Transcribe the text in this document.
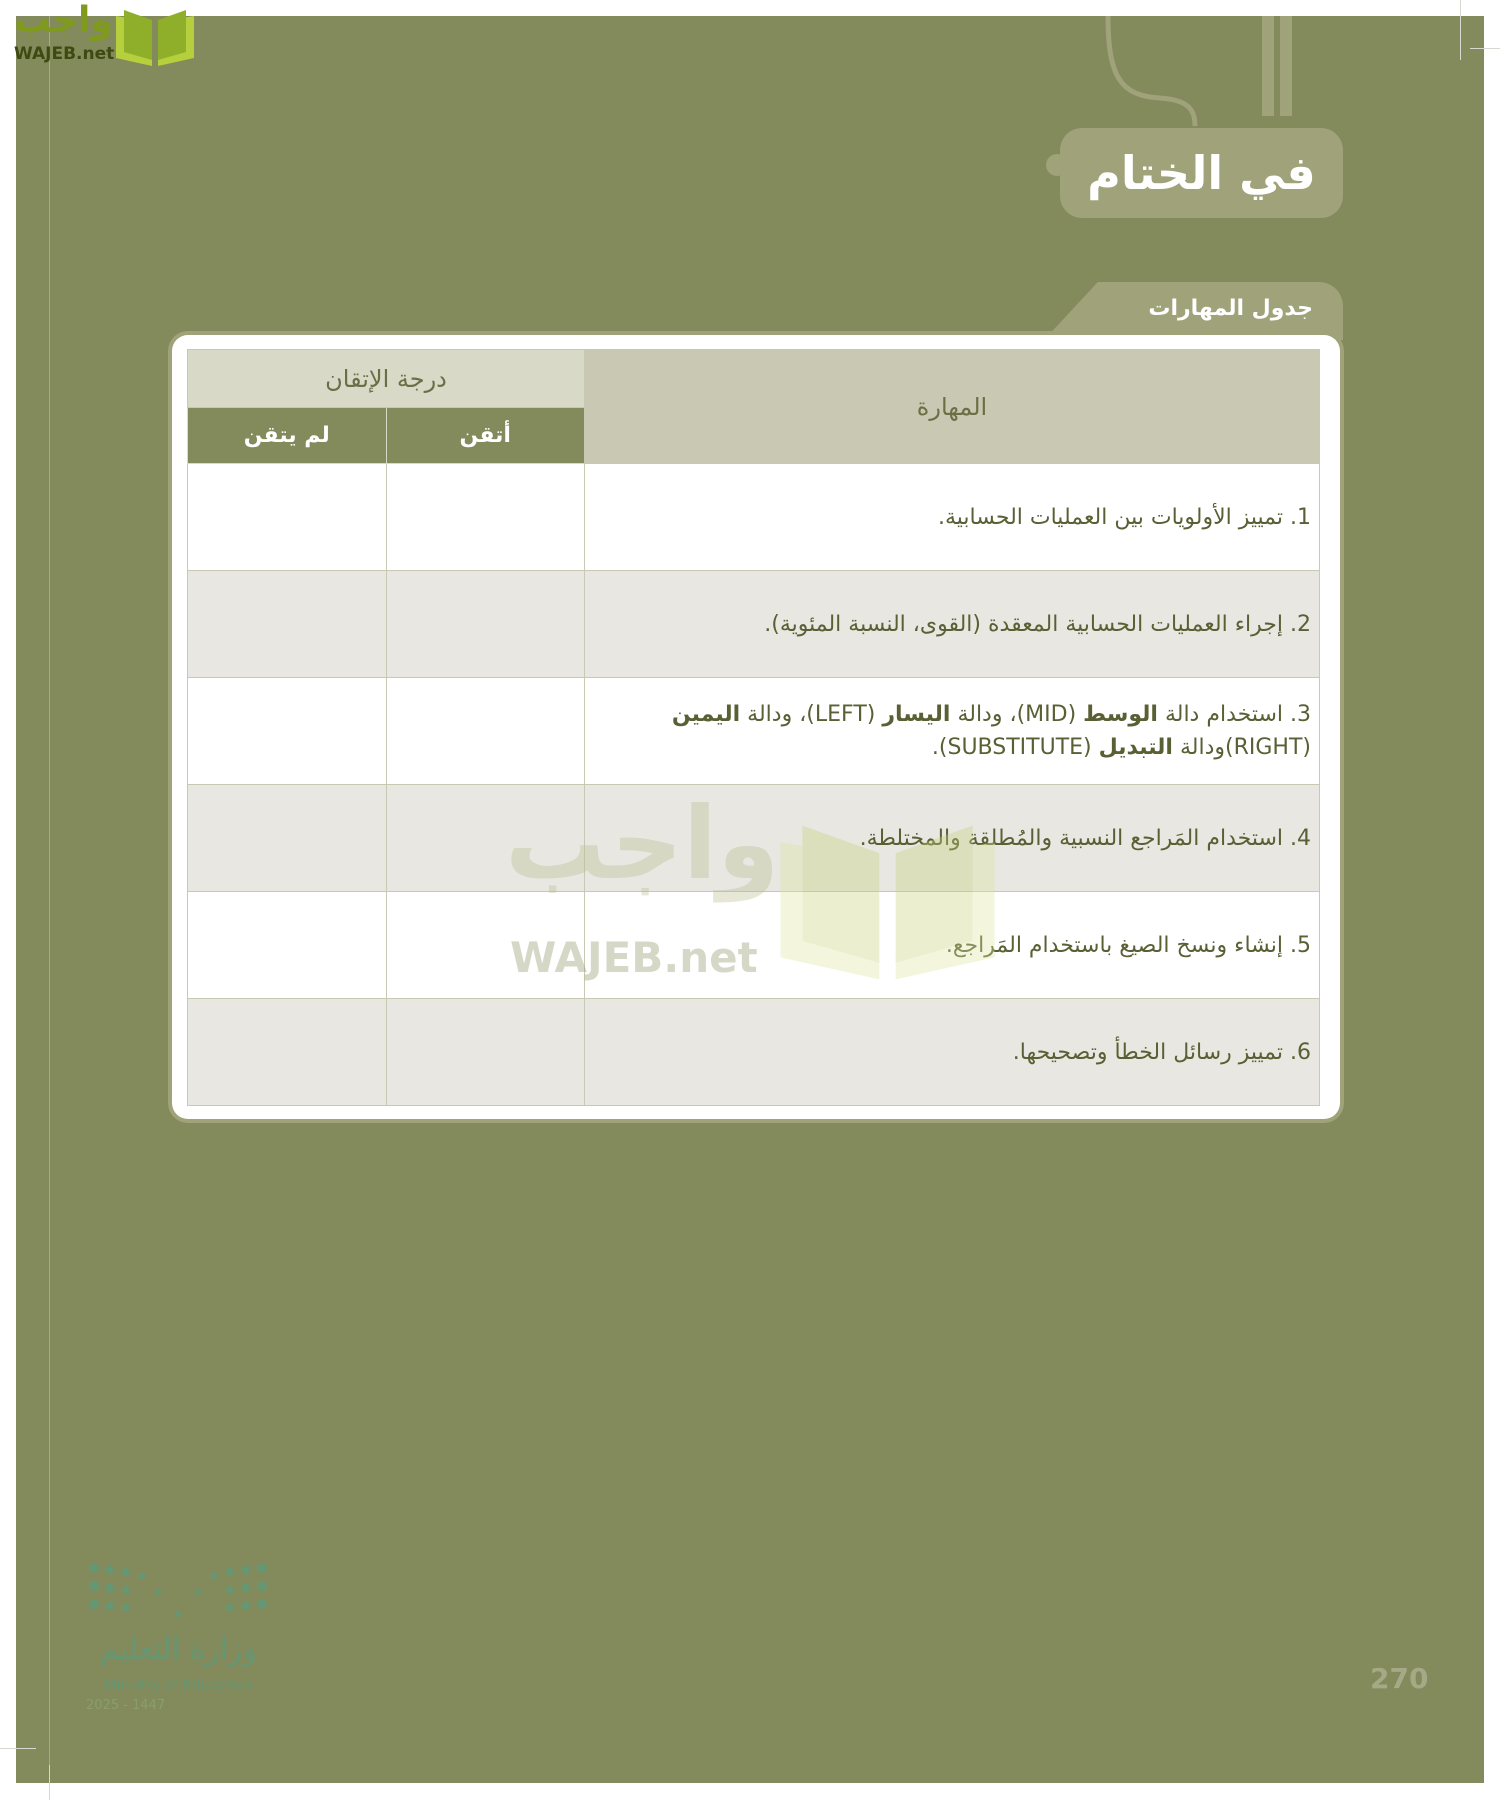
واجب
WAJEB.net
في الختام
جدول المهارات
المهارة	درجة الإتقان	
	أتقن	لم يتقن
1. تمييز الأولويات بين العمليات الحسابية.		
2. إجراء العمليات الحسابية المعقدة (القوى، النسبة المئوية).		
3. استخدام دالة الوسط (MID)، ودالة اليسار (LEFT)، ودالة اليمين (RIGHT)ودالة التبديل (SUBSTITUTE).		
4. استخدام المَراجع النسبية والمُطلقة والمختلطة.		
5. إنشاء ونسخ الصيغ باستخدام المَراجع.		
6. تمييز رسائل الخطأ وتصحيحها.		
واجب
WAJEB.net
وزارة التعليم
Ministry of Education
2025 - 1447
270
